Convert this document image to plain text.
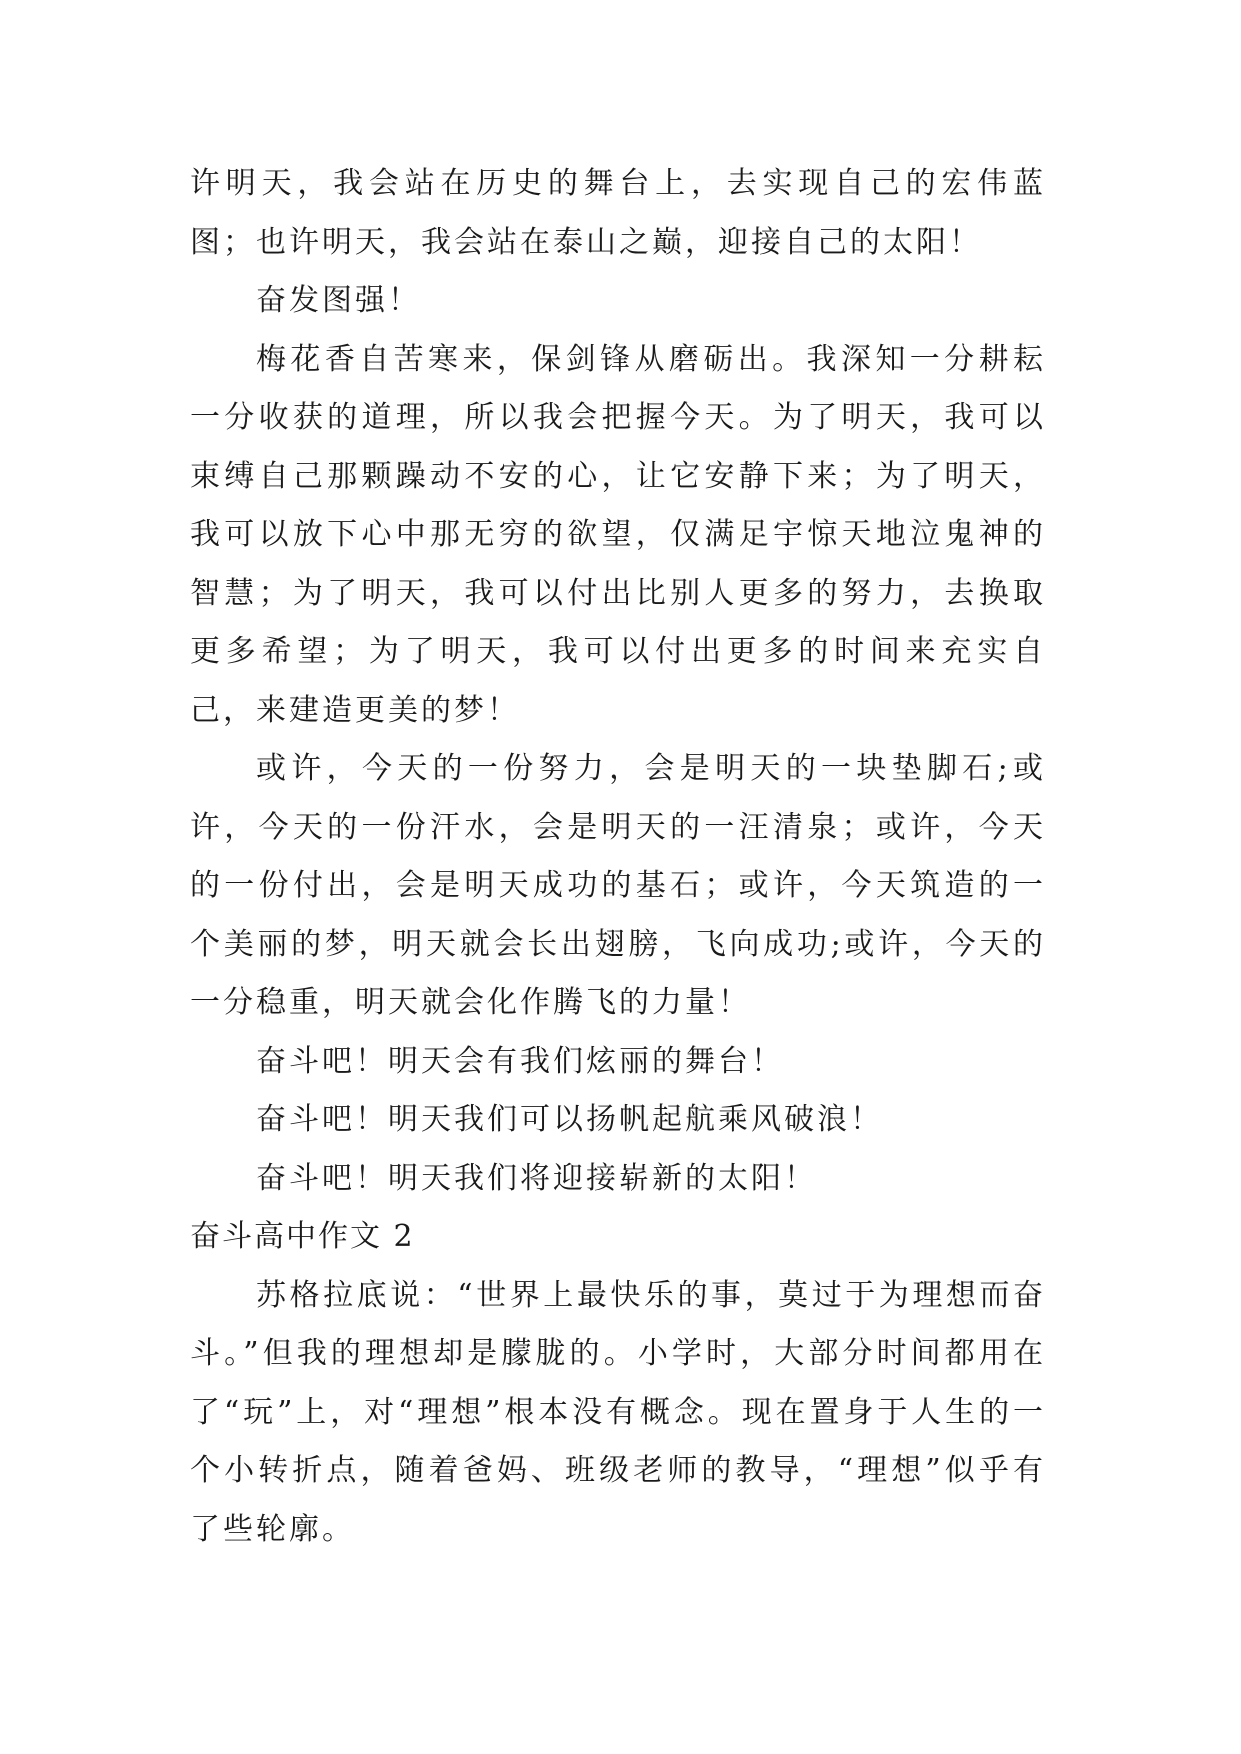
许明天，我会站在历史的舞台上，去实现自己的宏伟蓝图；也许明天，我会站在泰山之巅，迎接自己的太阳！

奋发图强！

梅花香自苦寒来，保剑锋从磨砺出。我深知一分耕耘一分收获的道理，所以我会把握今天。为了明天，我可以束缚自己那颗躁动不安的心，让它安静下来；为了明天，我可以放下心中那无穷的欲望，仅满足宇惊天地泣鬼神的智慧；为了明天，我可以付出比别人更多的努力，去换取更多希望；为了明天，我可以付出更多的时间来充实自己，来建造更美的梦！

或许，今天的一份努力，会是明天的一块垫脚石;或许，今天的一份汗水，会是明天的一汪清泉；或许，今天的一份付出，会是明天成功的基石；或许，今天筑造的一个美丽的梦，明天就会长出翅膀，飞向成功;或许，今天的一分稳重，明天就会化作腾飞的力量！

奋斗吧！明天会有我们炫丽的舞台！

奋斗吧！明天我们可以扬帆起航乘风破浪！

奋斗吧！明天我们将迎接崭新的太阳！

奋斗高中作文 2

苏格拉底说：“世界上最快乐的事，莫过于为理想而奋斗。”但我的理想却是朦胧的。小学时，大部分时间都用在了“玩”上，对“理想”根本没有概念。现在置身于人生的一个小转折点，随着爸妈、班级老师的教导，“理想”似乎有了些轮廓。
